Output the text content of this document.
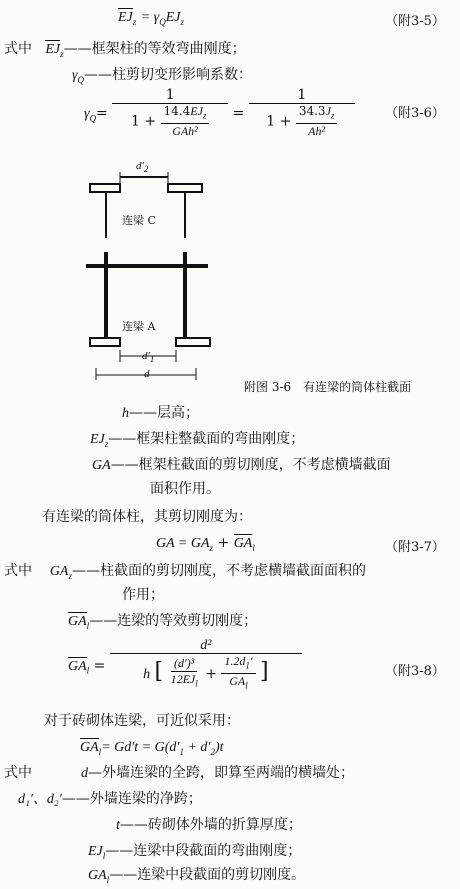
$EJ_z = \gamma_QEJ_z$	（附3-5）
式中 $EJ_z——$框架柱的等效弯曲刚度；
$\gamma_Q——$柱剪切变形影响系数：
$\gamma_Q= \frac{1}{1 + \frac{14.4EJ_z}{\text{GAh²}}} = \frac{1}{1 + \frac{34.3J_z}{\text{Ah²}}}$ （附3-6）
$d'_2$
连梁 C
连梁 A
$d'_1$
d
附图 3-6　有连梁的筒体柱截面
h——层高；
$EJ_z——$框架柱整截面的弯曲刚度；
GA——框架柱截面的剪切刚度，不考虑横墙截面
面积作用。
有连梁的筒体柱，其剪切刚度为：
GA = $GA_z + GA_l$	（附3-7）
式中 $GA_z——$柱截面的剪切刚度，不考虑横墙截面面积的
作用；
$GA_l——$连梁的等效剪切刚度；
$GA_l$ =
d²
h [ $\frac{\text{(d′)³}}{12EJ_l} + \frac{1.2d_1'}{GA_l}$ ]	（附3-8）
对于砖砌体连梁，可近似采用：
$GA_l= Gd't = G(d'_1 + d'_2)t$
式中	d—外墙连梁的全跨，即算至两端的横墙处；
d₁′、d₂′——外墙连梁的净跨；
t——砖砌体外墙的折算厚度；
$EJ_l——$连梁中段截面的弯曲刚度；
$GA_l——$连梁中段截面的剪切刚度。
